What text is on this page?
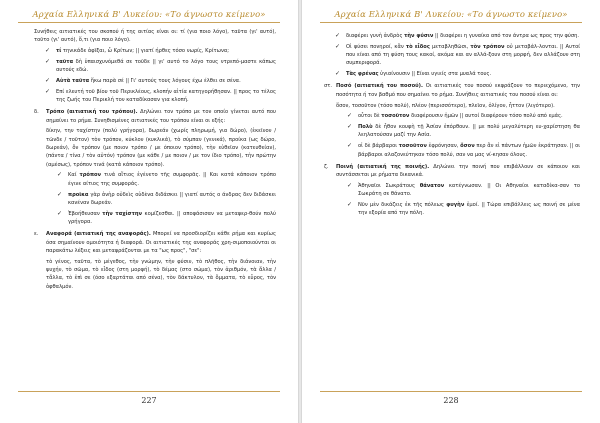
Αρχαία Ελληνικά Β' Λυκείου: «Το άγνωστο κείμενο»

Συνήθεις αιτιατικές του σκοπού ή της αιτίας είναι οι: τί (για ποιο λόγο), ταῦτα (γι' αυτό), τοῦτο (γι' αυτό), ὅ,τι (για ποιο λόγο).

✓ τί τηνικάδε ἀφῖξαι, ὦ Κρίτων; || γιατί ήρθες τόσο νωρίς, Κρίτωνα;
✓ ταῦτα δὴ ὑπαισχυνόμεθά σε τοῦδε || γι' αυτό το λόγο τους ντρεπό-μαστε κάπως αυτούς εδώ.
✓ Αὐτὰ ταῦτα ἥκω παρὰ σέ || Γι' αυτούς τους λόγους έχω έλθει σε σένα.
✓ Επί ελευτή τοῦ βίου τοῦ Περικλέους, κλοπήν αἰτία κατηγορήθησαν. || προς το τέλος της ζωής του Περικλή τον καταδίκασαν για κλοπή.
δ. Τρόπο (αιτιατική του τρόπου). Δηλώνει τον τρόπο με τον οποίο γίνεται αυτό που σημαίνει το ρήμα. Συνηθισμένες αιτιατικές του τρόπου είναι οι εξής:

δίκην, την ταχίστην (πολύ γρήγορα), δωρεάν (χωρίς πληρωμή, για δώρο), (ἐκεῖνον / τῶνδε / τοῦτον) τὸν τρόπον, κύκλον (κυκλικά), τὸ σύμπαν (γενικά), προίκα (ως δώρο, δωρεάν), ὄν τρόπον (με ποιον τρόπο / με όποιον τρόπο), τὴν εὐθεῖαν (κατευθείαν), (πάντα / τίνα / τὸν αὐτόν) τρόπον (με κάθε / με ποιον / με τον ίδιο τρόπο), τὴν πρώτην (αμέσως), τρόπον τινά (κατά κάποιον τρόπο).

✓ Καί τρόπον τινά αἴτιος ἐγένετο τῆς συμφορᾶς. || Και κατά κάποιον τρόπο έγινε αίτιος της συμφοράς.
✓ προῖκα γὰρ ἀνὴρ οὐδεὶς οὐδὲνα διδάσκει || γιατί αυτός ο άνδρας δεν διδάσκει κανέναν δωρεάν.
✓ Ἐβοήθευσαν τὴν ταχίστην κομίζεσθαι. || αποφάσισαν να μεταφερ-θούν πολύ γρήγορα.
ε. Αναφορά (αιτιατική της αναφοράς). Μπορεί να προσδιορίζει κάθε ρήμα και κυρίως όσα σημαίνουν ομοιότητα ή διαφορά. Οι αιτιατικές της αναφοράς χρη-σιμοποιούνται οι παρακάτω λέξεις και μεταφράζονται με τα "ως προς", "σε":

τὸ γένος, ταῦτα, τὸ μέγεθος, τὴν γνώμην, τὴν φύσιν, τὸ πλῆθος, τὴν διάνοιαν, τὴν ψυχήν, τὸ σῶμα, τὸ εἶδος (στη μορφή), τὸ δέμας (στο σώμα), τὸν ἀριθμόν, τὰ ἄλλα / τἄλλα, τὸ ἐπὶ σε (όσο εξαρτάται από σένα), τὸν δάκτυλον, τὰ ὄμματα, τὸ εὖρος, τὸν ὀφθαλμόν.

227
Αρχαία Ελληνικά Β' Λυκείου: «Το άγνωστο κείμενο»
✓ διαφέρει γυνὴ ἀνδρὸς τὴν φύσιν || διαφέρει η γυναίκα από τον άντρα ως προς την φύση.
✓ Οἱ φύσει πονηροί, κἂν τὸ εἶδος μεταβληθῶσι, τὸν τρόπον οὐ μεταβάλ-λονται. || Αυτοί που είναι από τη φύση τους κακοί, ακόμα και αν αλλά-ξουν στη μορφή, δεν αλλάζουν στη συμπεριφορά.
✓ Τὰς φρένας ὑγιαίνουσιν || Είναι υγιείς στα μυαλά τους.
στ. Ποσό (αιτιατική του ποσού). Οι αιτιατικές του ποσού εκφράζουν το περιεχόμενο, την ποσότητα ή τον βαθμό που σημαίνει το ρήμα. Συνήθεις αιτιατικές του ποσού είναι οι:

ὅσον, τοσοῦτον (τόσο πολύ), πλέον (περισσότερο), πλεῖον, ὀλίγον, ἧττον (λιγότερο).

✓ οὗτοι δὲ τοσοῦτον διαφέρουσιν ἡμῶν || αυτοί διαφέρουν τόσο πολύ από εμάς.
✓ Πολὺ δὲ ἦθον κουφὴ τῇ Ἀσίαν ἐπόρθουν. || με πολύ μεγαλύτερη ευ-χαρίστηση θα λεηλατούσαν μαζί την Ασία.
✓ οἱ δὲ βάρβαροι τοσοῦτον ἐφρόνησαν, ὅσον περ ἂν εἰ πάντων ἡμῶν ἐκράτησαν. || οι βάρβαροι αλαζονεύτηκαν τόσο πολύ, σαν να μας νί-κησαν όλους.
ζ. Ποινή (αιτιατική της ποινής). Δηλώνει την ποινή που επιβάλλουν σε κάποιον και συντάσσεται με ρήματα δικανικά.

✓ Ἀθηναῖοι Σωκράτους θάνατον κατέγνωσαν. || Οι Αθηναίοι καταδίκα-σαν το Σωκράτη σε θάνατο.
✓ Νῦν μὲν δικάζεις ἐκ τῆς πόλεως φυγὴν ἐμοί. || Τώρα επιβάλλεις ως ποινή σε μένα την εξορία από την πόλη.
228
